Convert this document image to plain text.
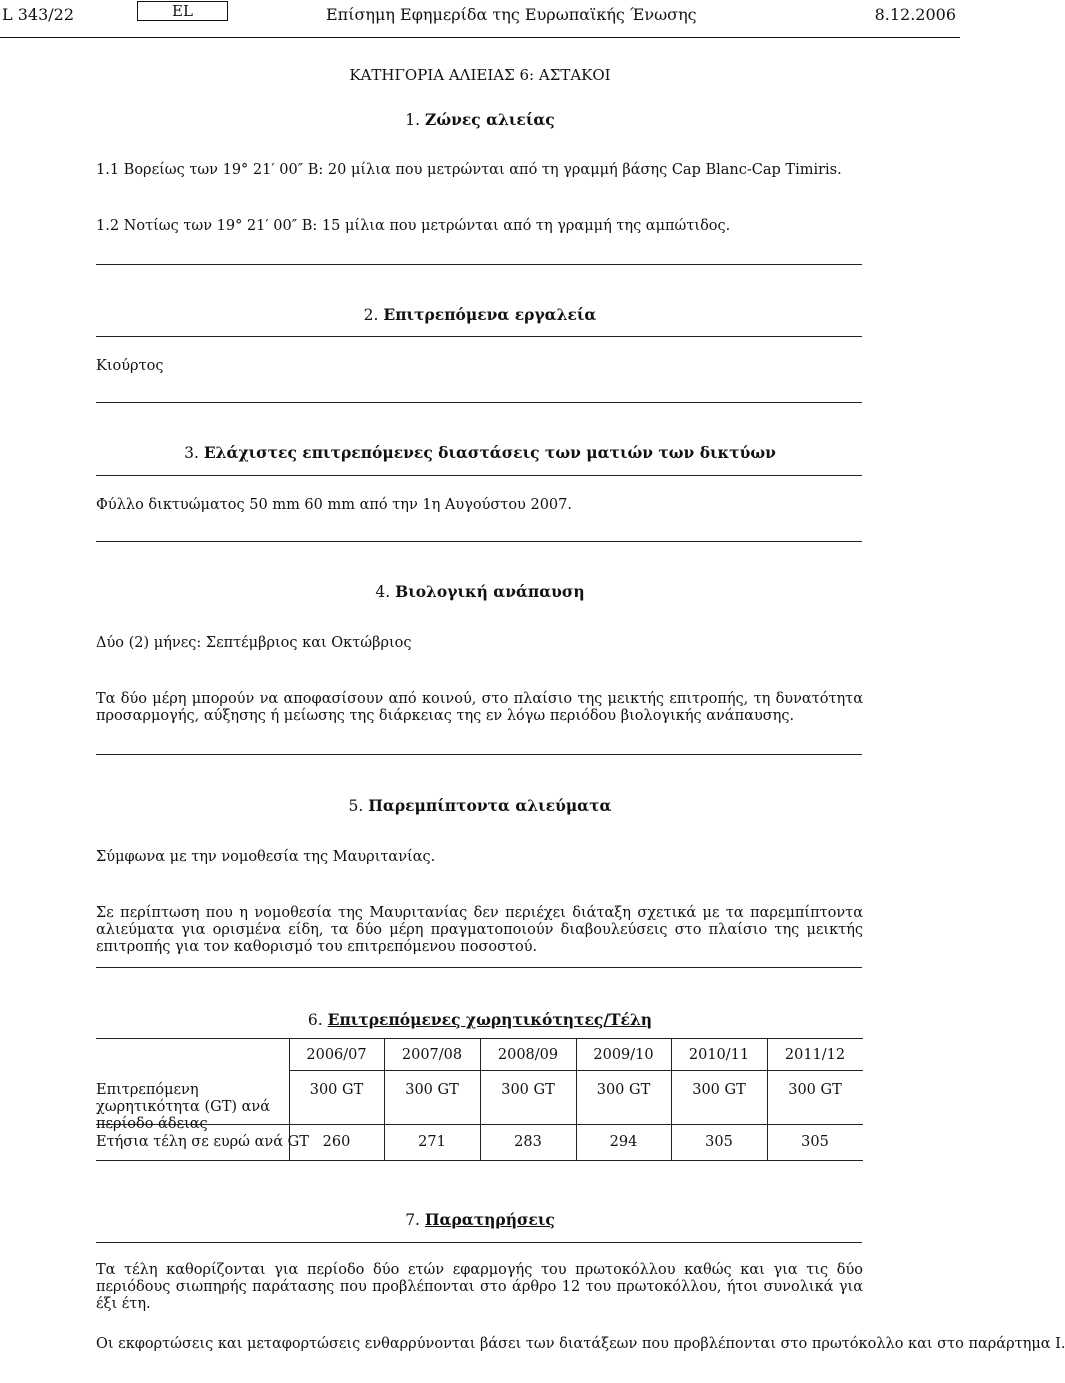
L 343/22	EL	Επίσημη Εφημερίδα της Ευρωπαϊκής Ένωσης	8.12.2006
ΚΑΤΗΓΟΡΙΑ ΑΛΙΕΙΑΣ 6: ΑΣΤΑΚΟΙ
1. Ζώνες αλιείας
1.1 Βορείως των 19° 21′ 00″ Β: 20 μίλια που μετρώνται από τη γραμμή βάσης Cap Blanc-Cap Timiris.
1.2 Νοτίως των 19° 21′ 00″ Β: 15 μίλια που μετρώνται από τη γραμμή της αμπώτιδος.
2. Επιτρεπόμενα εργαλεία
Κιούρτος
3. Ελάχιστες επιτρεπόμενες διαστάσεις των ματιών των δικτύων
Φύλλο δικτυώματος 50 mm 60 mm από την 1η Αυγούστου 2007.
4. Βιολογική ανάπαυση
Δύο (2) μήνες: Σεπτέμβριος και Οκτώβριος
Τα δύο μέρη μπορούν να αποφασίσουν από κοινού, στο πλαίσιο της μεικτής επιτροπής, τη δυνατότητα προσαρμογής, αύξησης ή μείωσης της διάρκειας της εν λόγω περιόδου βιολογικής ανάπαυσης.
5. Παρεμπίπτοντα αλιεύματα
Σύμφωνα με την νομοθεσία της Μαυριτανίας.
Σε περίπτωση που η νομοθεσία της Μαυριτανίας δεν περιέχει διάταξη σχετικά με τα παρεμπίπτοντα αλιεύματα για ορισμένα είδη, τα δύο μέρη πραγματοποιούν διαβουλεύσεις στο πλαίσιο της μεικτής επιτροπής για τον καθορισμό του επιτρεπόμενου ποσοστού.
6. Επιτρεπόμενες χωρητικότητες/Τέλη
2006/07	2007/08	2008/09	2009/10	2010/11	2011/12
Επιτρεπόμενη χωρητικότητα (GT) ανά περίοδο άδειας
300 GT	300 GT	300 GT	300 GT	300 GT	300 GT
Ετήσια τέλη σε ευρώ ανά GT 260	271	283	294	305	305
7. Παρατηρήσεις
Τα τέλη καθορίζονται για περίοδο δύο ετών εφαρμογής του πρωτοκόλλου καθώς και για τις δύο περιόδους σιωπηρής παράτασης που προβλέπονται στο άρθρο 12 του πρωτοκόλλου, ήτοι συνολικά για έξι έτη.
Οι εκφορτώσεις και μεταφορτώσεις ενθαρρύνονται βάσει των διατάξεων που προβλέπονται στο πρωτόκολλο και στο παράρτημα I.
